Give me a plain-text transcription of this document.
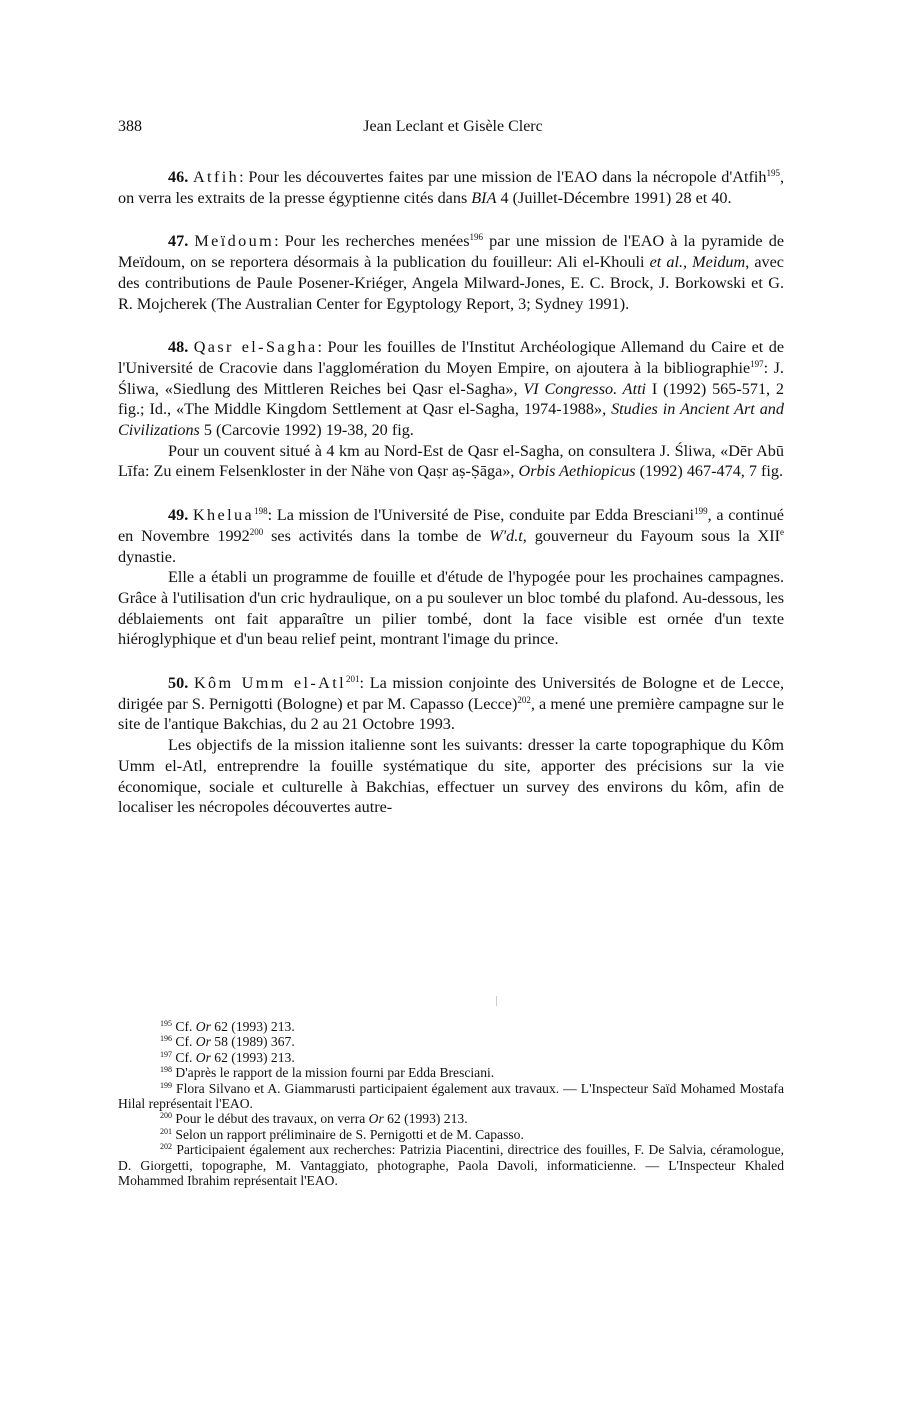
388	Jean Leclant et Gisèle Clerc

46. Atfih: Pour les découvertes faites par une mission de l'EAO dans la nécropole d'Atfih$^{195}$, on verra les extraits de la presse égyptienne cités dans BIA 4 (Juillet-Décembre 1991) 28 et 40.

47. Meïdoum: Pour les recherches menées$^{196}$ par une mission de l'EAO à la pyramide de Meïdoum, on se reportera désormais à la publication du fouilleur: Ali el-Khouli et al., Meidum, avec des contributions de Paule Posener-Kriéger, Angela Milward-Jones, E. C. Brock, J. Borkowski et G. R. Mojcherek (The Australian Center for Egyptology Report, 3; Sydney 1991).

48. Qasr el-Sagha: Pour les fouilles de l'Institut Archéologique Allemand du Caire et de l'Université de Cracovie dans l'agglomération du Moyen Empire, on ajoutera à la bibliographie$^{197}$: J. Śliwa, «Siedlung des Mittleren Reiches bei Qasr el-Sagha», VI Congresso. Atti I (1992) 565-571, 2 fig.; Id., «The Middle Kingdom Settlement at Qasr el-Sagha, 1974-1988», Studies in Ancient Art and Civilizations 5 (Carcovie 1992) 19-38, 20 fig.

Pour un couvent situé à 4 km au Nord-Est de Qasr el-Sagha, on consultera J. Śliwa, «Dēr Abū Līfa: Zu einem Felsenkloster in der Nähe von Qaṣr aṣ-Ṣāga», Orbis Aethiopicus (1992) 467-474, 7 fig.

49. Khelua$^{198}$: La mission de l'Université de Pise, conduite par Edda Bresciani$^{199}$, a continué en Novembre 1992$^{200}$ ses activités dans la tombe de W'd.t, gouverneur du Fayoum sous la XIIe dynastie.

Elle a établi un programme de fouille et d'étude de l'hypogée pour les prochaines campagnes. Grâce à l'utilisation d'un cric hydraulique, on a pu soulever un bloc tombé du plafond. Au-dessous, les déblaiements ont fait apparaître un pilier tombé, dont la face visible est ornée d'un texte hiéroglyphique et d'un beau relief peint, montrant l'image du prince.

50. Kôm Umm el-Atl$^{201}$: La mission conjointe des Universités de Bologne et de Lecce, dirigée par S. Pernigotti (Bologne) et par M. Capasso (Lecce)$^{202}$, a mené une première campagne sur le site de l'antique Bakchias, du 2 au 21 Octobre 1993.

Les objectifs de la mission italienne sont les suivants: dresser la carte topographique du Kôm Umm el-Atl, entreprendre la fouille systématique du site, apporter des précisions sur la vie économique, sociale et culturelle à Bakchias, effectuer un survey des environs du kôm, afin de localiser les nécropoles découvertes autre-

$^{195}$ Cf. Or 62 (1993) 213.

$^{196}$ Cf. Or 58 (1989) 367.

$^{197}$ Cf. Or 62 (1993) 213.

$^{198}$ D'après le rapport de la mission fourni par Edda Bresciani.

$^{199}$ Flora Silvano et A. Giammarusti participaient également aux travaux. — L'Inspecteur Saïd Mohamed Mostafa Hilal représentait l'EAO.

$^{200}$ Pour le début des travaux, on verra Or 62 (1993) 213.

$^{201}$ Selon un rapport préliminaire de S. Pernigotti et de M. Capasso.

$^{202}$ Participaient également aux recherches: Patrizia Piacentini, directrice des fouilles, F. De Salvia, céramologue, D. Giorgetti, topographe, M. Vantaggiato, photographe, Paola Davoli, informaticienne. — L'Inspecteur Khaled Mohammed Ibrahim représentait l'EAO.
